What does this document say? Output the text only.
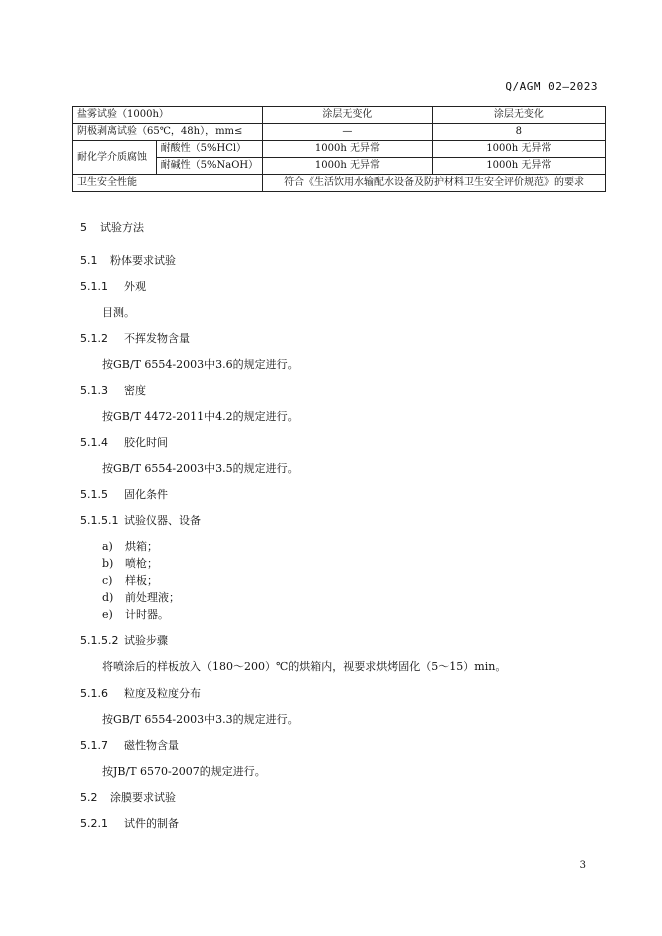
Q/AGM 02—2023
盐雾试验（1000h）		涂层无变化	涂层无变化
阴极剥离试验（65℃，48h），mm≤		—	8
耐化学介质腐蚀	耐酸性（5%HCl）	1000h 无异常	1000h 无异常
	耐碱性（5%NaOH）	1000h 无异常	1000h 无异常
卫生安全性能		符合《生活饮用水输配水设备及防护材料卫生安全评价规范》的要求	
5 试验方法
5.1 粉体要求试验
5.1.1 外观
目测。
5.1.2 不挥发物含量
按GB/T 6554-2003中3.6的规定进行。
5.1.3 密度
按GB/T 4472-2011中4.2的规定进行。
5.1.4 胶化时间
按GB/T 6554-2003中3.5的规定进行。
5.1.5 固化条件
5.1.5.1 试验仪器、设备
a) 烘箱；
b) 喷枪；
c) 样板；
d) 前处理液；
e) 计时器。
5.1.5.2 试验步骤
将喷涂后的样板放入（180～200）℃的烘箱内，视要求烘烤固化（5～15）min。
5.1.6 粒度及粒度分布
按GB/T 6554-2003中3.3的规定进行。
5.1.7 磁性物含量
按JB/T 6570-2007的规定进行。
5.2 涂膜要求试验
5.2.1 试件的制备
3
